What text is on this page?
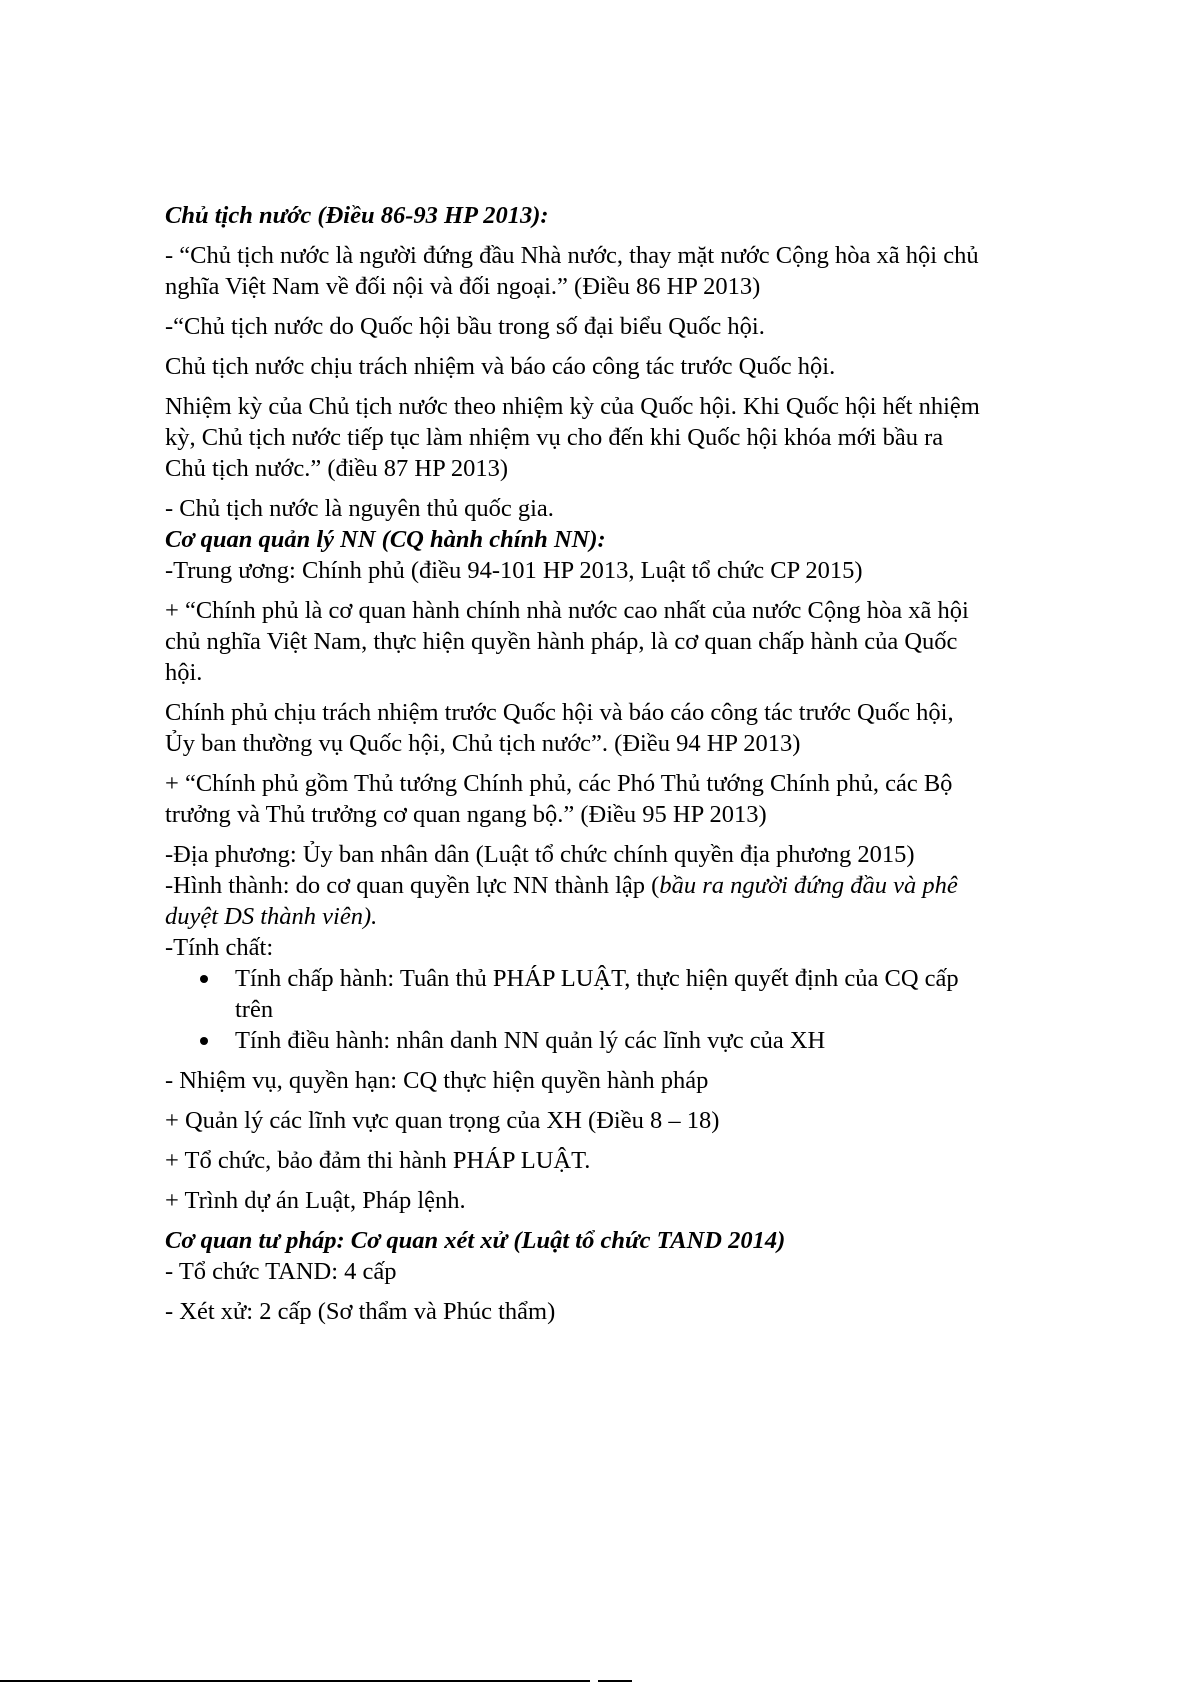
Chủ tịch nước (Điều 86-93 HP 2013):

- “Chủ tịch nước là người đứng đầu Nhà nước, thay mặt nước Cộng hòa xã hội chủ

nghĩa Việt Nam về đối nội và đối ngoại.” (Điều 86 HP 2013)

-“Chủ tịch nước do Quốc hội bầu trong số đại biểu Quốc hội.

Chủ tịch nước chịu trách nhiệm và báo cáo công tác trước Quốc hội.

Nhiệm kỳ của Chủ tịch nước theo nhiệm kỳ của Quốc hội. Khi Quốc hội hết nhiệm

kỳ, Chủ tịch nước tiếp tục làm nhiệm vụ cho đến khi Quốc hội khóa mới bầu ra

Chủ tịch nước.” (điều 87 HP 2013)

- Chủ tịch nước là nguyên thủ quốc gia.

Cơ quan quản lý NN (CQ hành chính NN):

-Trung ương: Chính phủ (điều 94-101 HP 2013, Luật tổ chức CP 2015)

+ “Chính phủ là cơ quan hành chính nhà nước cao nhất của nước Cộng hòa xã hội

chủ nghĩa Việt Nam, thực hiện quyền hành pháp, là cơ quan chấp hành của Quốc

hội.

Chính phủ chịu trách nhiệm trước Quốc hội và báo cáo công tác trước Quốc hội,

Ủy ban thường vụ Quốc hội, Chủ tịch nước”. (Điều 94 HP 2013)

+ “Chính phủ gồm Thủ tướng Chính phủ, các Phó Thủ tướng Chính phủ, các Bộ

trưởng và Thủ trưởng cơ quan ngang bộ.” (Điều 95 HP 2013)

-Địa phương: Ủy ban nhân dân (Luật tổ chức chính quyền địa phương 2015)

-Hình thành: do cơ quan quyền lực NN thành lập (bầu ra người đứng đầu và phê

duyệt DS thành viên).

-Tính chất:

Tính chấp hành: Tuân thủ PHÁP LUẬT, thực hiện quyết định của CQ cấp

trên

Tính điều hành: nhân danh NN quản lý các lĩnh vực của XH

- Nhiệm vụ, quyền hạn: CQ thực hiện quyền hành pháp

+ Quản lý các lĩnh vực quan trọng của XH (Điều 8 – 18)

+ Tổ chức, bảo đảm thi hành PHÁP LUẬT.

+ Trình dự án Luật, Pháp lệnh.

Cơ quan tư pháp: Cơ quan xét xử (Luật tổ chức TAND 2014)

- Tổ chức TAND: 4 cấp

- Xét xử: 2 cấp (Sơ thẩm và Phúc thẩm)
